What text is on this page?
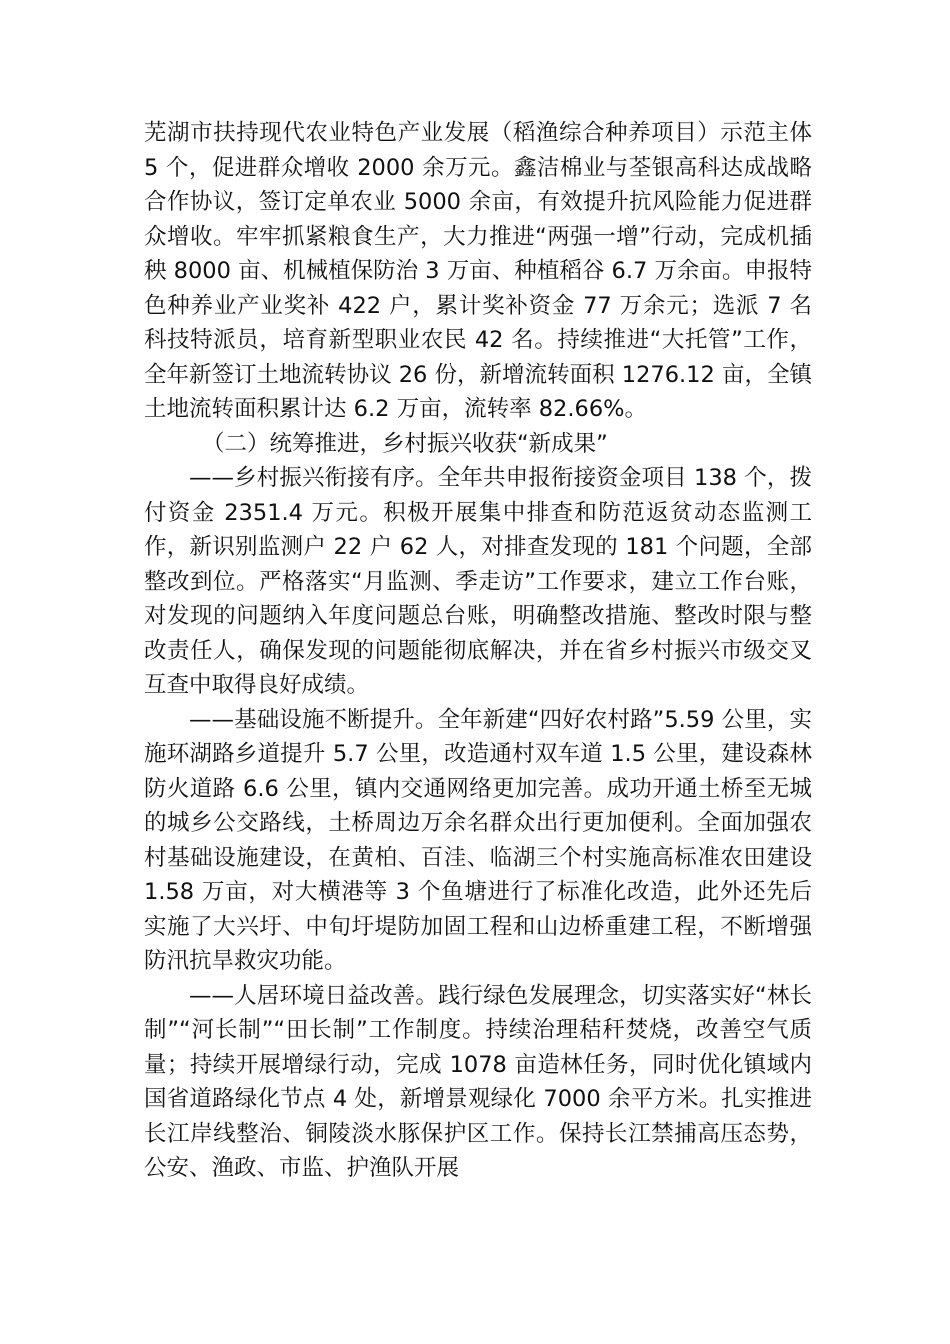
芜湖市扶持现代农业特色产业发展（稻渔综合种养项目）示范主体 5 个，促进群众增收 2000 余万元。鑫洁棉业与荃银高科达成战略合作协议，签订定单农业 5000 余亩，有效提升抗风险能力促进群众增收。牢牢抓紧粮食生产，大力推进“两强一增”行动，完成机插秧 8000 亩、机械植保防治 3 万亩、种植稻谷 6.7 万余亩。申报特色种养业产业奖补 422 户，累计奖补资金 77 万余元；选派 7 名科技特派员，培育新型职业农民 42 名。持续推进“大托管”工作，全年新签订土地流转协议 26 份，新增流转面积 1276.12 亩，全镇土地流转面积累计达 6.2 万亩，流转率 82.66%。

（二）统筹推进，乡村振兴收获“新成果”

——乡村振兴衔接有序。全年共申报衔接资金项目 138 个，拨付资金 2351.4 万元。积极开展集中排查和防范返贫动态监测工作，新识别监测户 22 户 62 人，对排查发现的 181 个问题，全部整改到位。严格落实“月监测、季走访”工作要求，建立工作台账，对发现的问题纳入年度问题总台账，明确整改措施、整改时限与整改责任人，确保发现的问题能彻底解决，并在省乡村振兴市级交叉互查中取得良好成绩。

——基础设施不断提升。全年新建“四好农村路”5.59 公里，实施环湖路乡道提升 5.7 公里，改造通村双车道 1.5 公里，建设森林防火道路 6.6 公里，镇内交通网络更加完善。成功开通土桥至无城的城乡公交路线，土桥周边万余名群众出行更加便利。全面加强农村基础设施建设，在黄柏、百洼、临湖三个村实施高标准农田建设 1.58 万亩，对大横港等 3 个鱼塘进行了标准化改造，此外还先后实施了大兴圩、中旬圩堤防加固工程和山边桥重建工程，不断增强防汛抗旱救灾功能。

——人居环境日益改善。践行绿色发展理念，切实落实好“林长制”“河长制”“田长制”工作制度。持续治理秸秆焚烧，改善空气质量；持续开展增绿行动，完成 1078 亩造林任务，同时优化镇域内国省道路绿化节点 4 处，新增景观绿化 7000 余平方米。扎实推进长江岸线整治、铜陵淡水豚保护区工作。保持长江禁捕高压态势，公安、渔政、市监、护渔队开展
